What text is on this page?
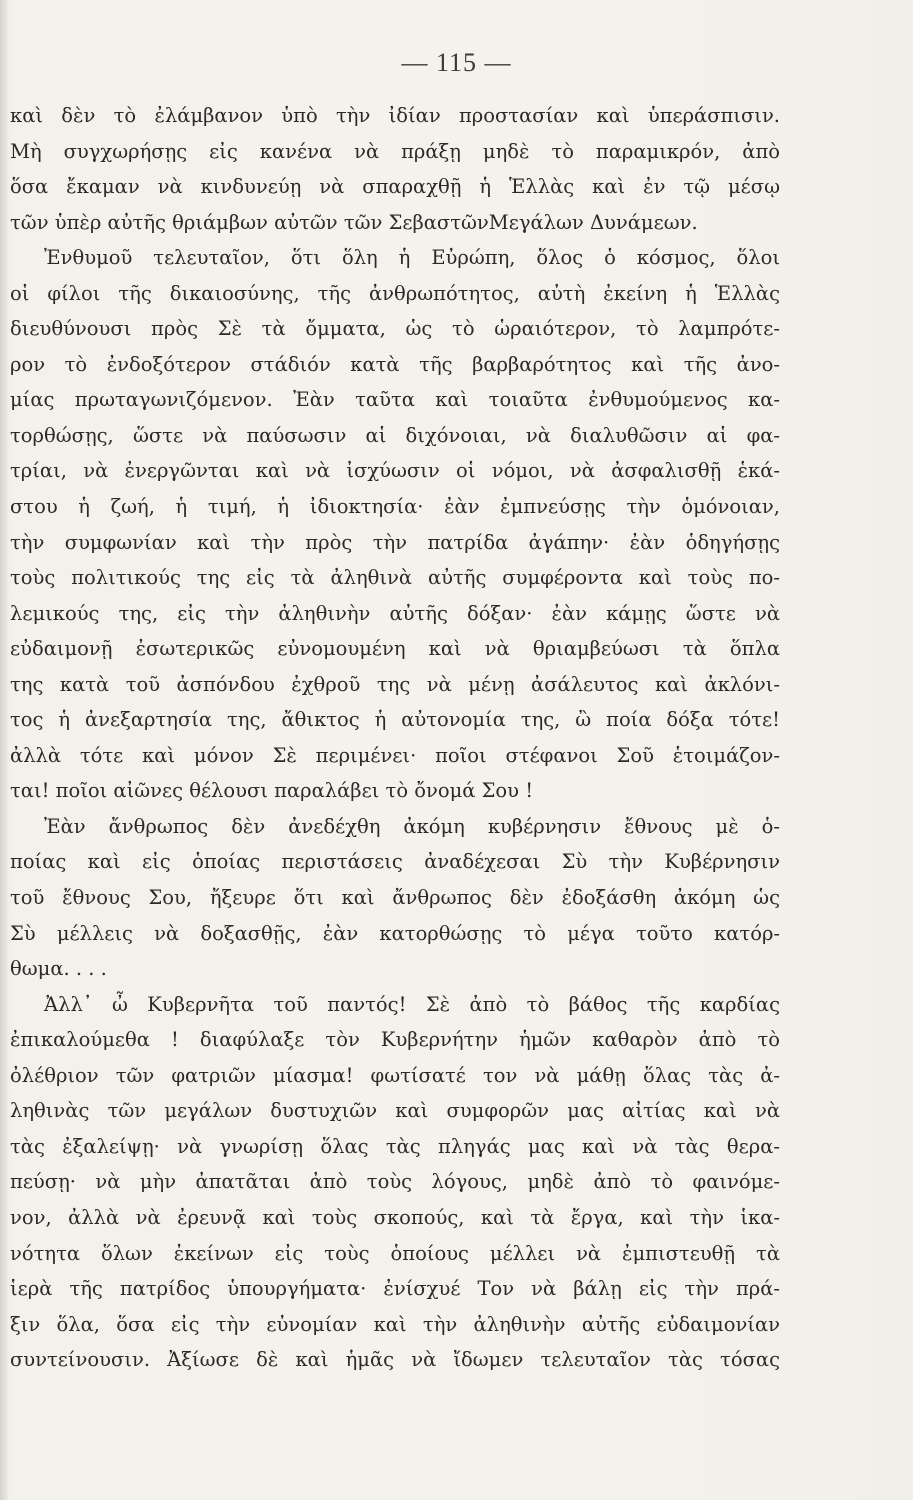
— 115 —
καὶ δὲν τὸ ἐλάμβανον ὑπὸ τὴν ἰδίαν προστασίαν καὶ ὑπεράσπισιν.
Μὴ συγχωρήσῃς εἰς κανένα νὰ πράξῃ μηδὲ τὸ παραμικρόν, ἀπὸ
ὅσα ἔκαμαν νὰ κινδυνεύῃ νὰ σπαραχθῇ ἡ Ἑλλὰς καὶ ἐν τῷ μέσῳ
τῶν ὑπὲρ αὐτῆς θριάμβων αὐτῶν τῶν ΣεβαστῶνΜεγάλων Δυνάμεων.
Ἐνθυμοῦ τελευταῖον, ὅτι ὅλη ἡ Εὐρώπη, ὅλος ὁ κόσμος, ὅλοι
οἱ φίλοι τῆς δικαιοσύνης, τῆς ἀνθρωπότητος, αὐτὴ ἐκείνη ἡ Ἑλλὰς
διευθύνουσι πρὸς Σὲ τὰ ὄμματα, ὡς τὸ ὡραιότερον, τὸ λαμπρότε-
ρον τὸ ἐνδοξότερον στάδιόν κατὰ τῆς βαρβαρότητος καὶ τῆς ἀνο-
μίας πρωταγωνιζόμενον. Ἐὰν ταῦτα καὶ τοιαῦτα ἐνθυμούμενος κα-
τορθώσῃς, ὥστε νὰ παύσωσιν αἱ διχόνοιαι, νὰ διαλυθῶσιν αἱ φα-
τρίαι, νὰ ἐνεργῶνται καὶ νὰ ἰσχύωσιν οἱ νόμοι, νὰ ἀσφαλισθῇ ἑκά-
στου ἡ ζωή, ἡ τιμή, ἡ ἰδιοκτησία· ἐὰν ἐμπνεύσῃς τὴν ὁμόνοιαν,
τὴν συμφωνίαν καὶ τὴν πρὸς τὴν πατρίδα ἀγάπην· ἐὰν ὁδηγήσῃς
τοὺς πολιτικούς της εἰς τὰ ἀληθινὰ αὐτῆς συμφέροντα καὶ τοὺς πο-
λεμικούς της, εἰς τὴν ἀληθινὴν αὐτῆς δόξαν· ἐὰν κάμῃς ὥστε νὰ
εὐδαιμονῇ ἐσωτερικῶς εὐνομουμένη καὶ νὰ θριαμβεύωσι τὰ ὅπλα
της κατὰ τοῦ ἀσπόνδου ἐχθροῦ της νὰ μένῃ ἀσάλευτος καὶ ἀκλόνι-
τος ἡ ἀνεξαρτησία της, ἄθικτος ἡ αὐτονομία της, ὢ ποία δόξα τότε!
ἀλλὰ τότε καὶ μόνον Σὲ περιμένει· ποῖοι στέφανοι Σοῦ ἑτοιμάζον-
ται! ποῖοι αἰῶνες θέλουσι παραλάβει τὸ ὄνομά Σου !
Ἐὰν ἄνθρωπος δὲν ἀνεδέχθη ἀκόμη κυβέρνησιν ἔθνους μὲ ὁ-
ποίας καὶ εἰς ὁποίας περιστάσεις ἀναδέχεσαι Σὺ τὴν Κυβέρνησιν
τοῦ ἔθνους Σου, ἤξευρε ὅτι καὶ ἄνθρωπος δὲν ἐδοξάσθη ἀκόμη ὡς
Σὺ μέλλεις νὰ δοξασθῇς, ἐὰν κατορθώσῃς τὸ μέγα τοῦτο κατόρ-
θωμα. . . .
Ἀλλ᾽ ὦ Κυβερνῆτα τοῦ παντός! Σὲ ἀπὸ τὸ βάθος τῆς καρδίας
ἐπικαλούμεθα ! διαφύλαξε τὸν Κυβερνήτην ἡμῶν καθαρὸν ἀπὸ τὸ
ὀλέθριον τῶν φατριῶν μίασμα! φωτίσατέ τον νὰ μάθῃ ὅλας τὰς ἀ-
ληθινὰς τῶν μεγάλων δυστυχιῶν καὶ συμφορῶν μας αἰτίας καὶ νὰ
τὰς ἐξαλείψῃ· νὰ γνωρίσῃ ὅλας τὰς πληγάς μας καὶ νὰ τὰς θερα-
πεύσῃ· νὰ μὴν ἀπατᾶται ἀπὸ τοὺς λόγους, μηδὲ ἀπὸ τὸ φαινόμε-
νον, ἀλλὰ νὰ ἐρευνᾷ καὶ τοὺς σκοπούς, καὶ τὰ ἔργα, καὶ τὴν ἱκα-
νότητα ὅλων ἐκείνων εἰς τοὺς ὁποίους μέλλει νὰ ἐμπιστευθῇ τὰ
ἱερὰ τῆς πατρίδος ὑπουργήματα· ἐνίσχυέ Τον νὰ βάλῃ εἰς τὴν πρά-
ξιν ὅλα, ὅσα εἰς τὴν εὐνομίαν καὶ τὴν ἀληθινὴν αὐτῆς εὐδαιμονίαν
συντείνουσιν. Ἀξίωσε δὲ καὶ ἡμᾶς νὰ ἴδωμεν τελευταῖον τὰς τόσας
